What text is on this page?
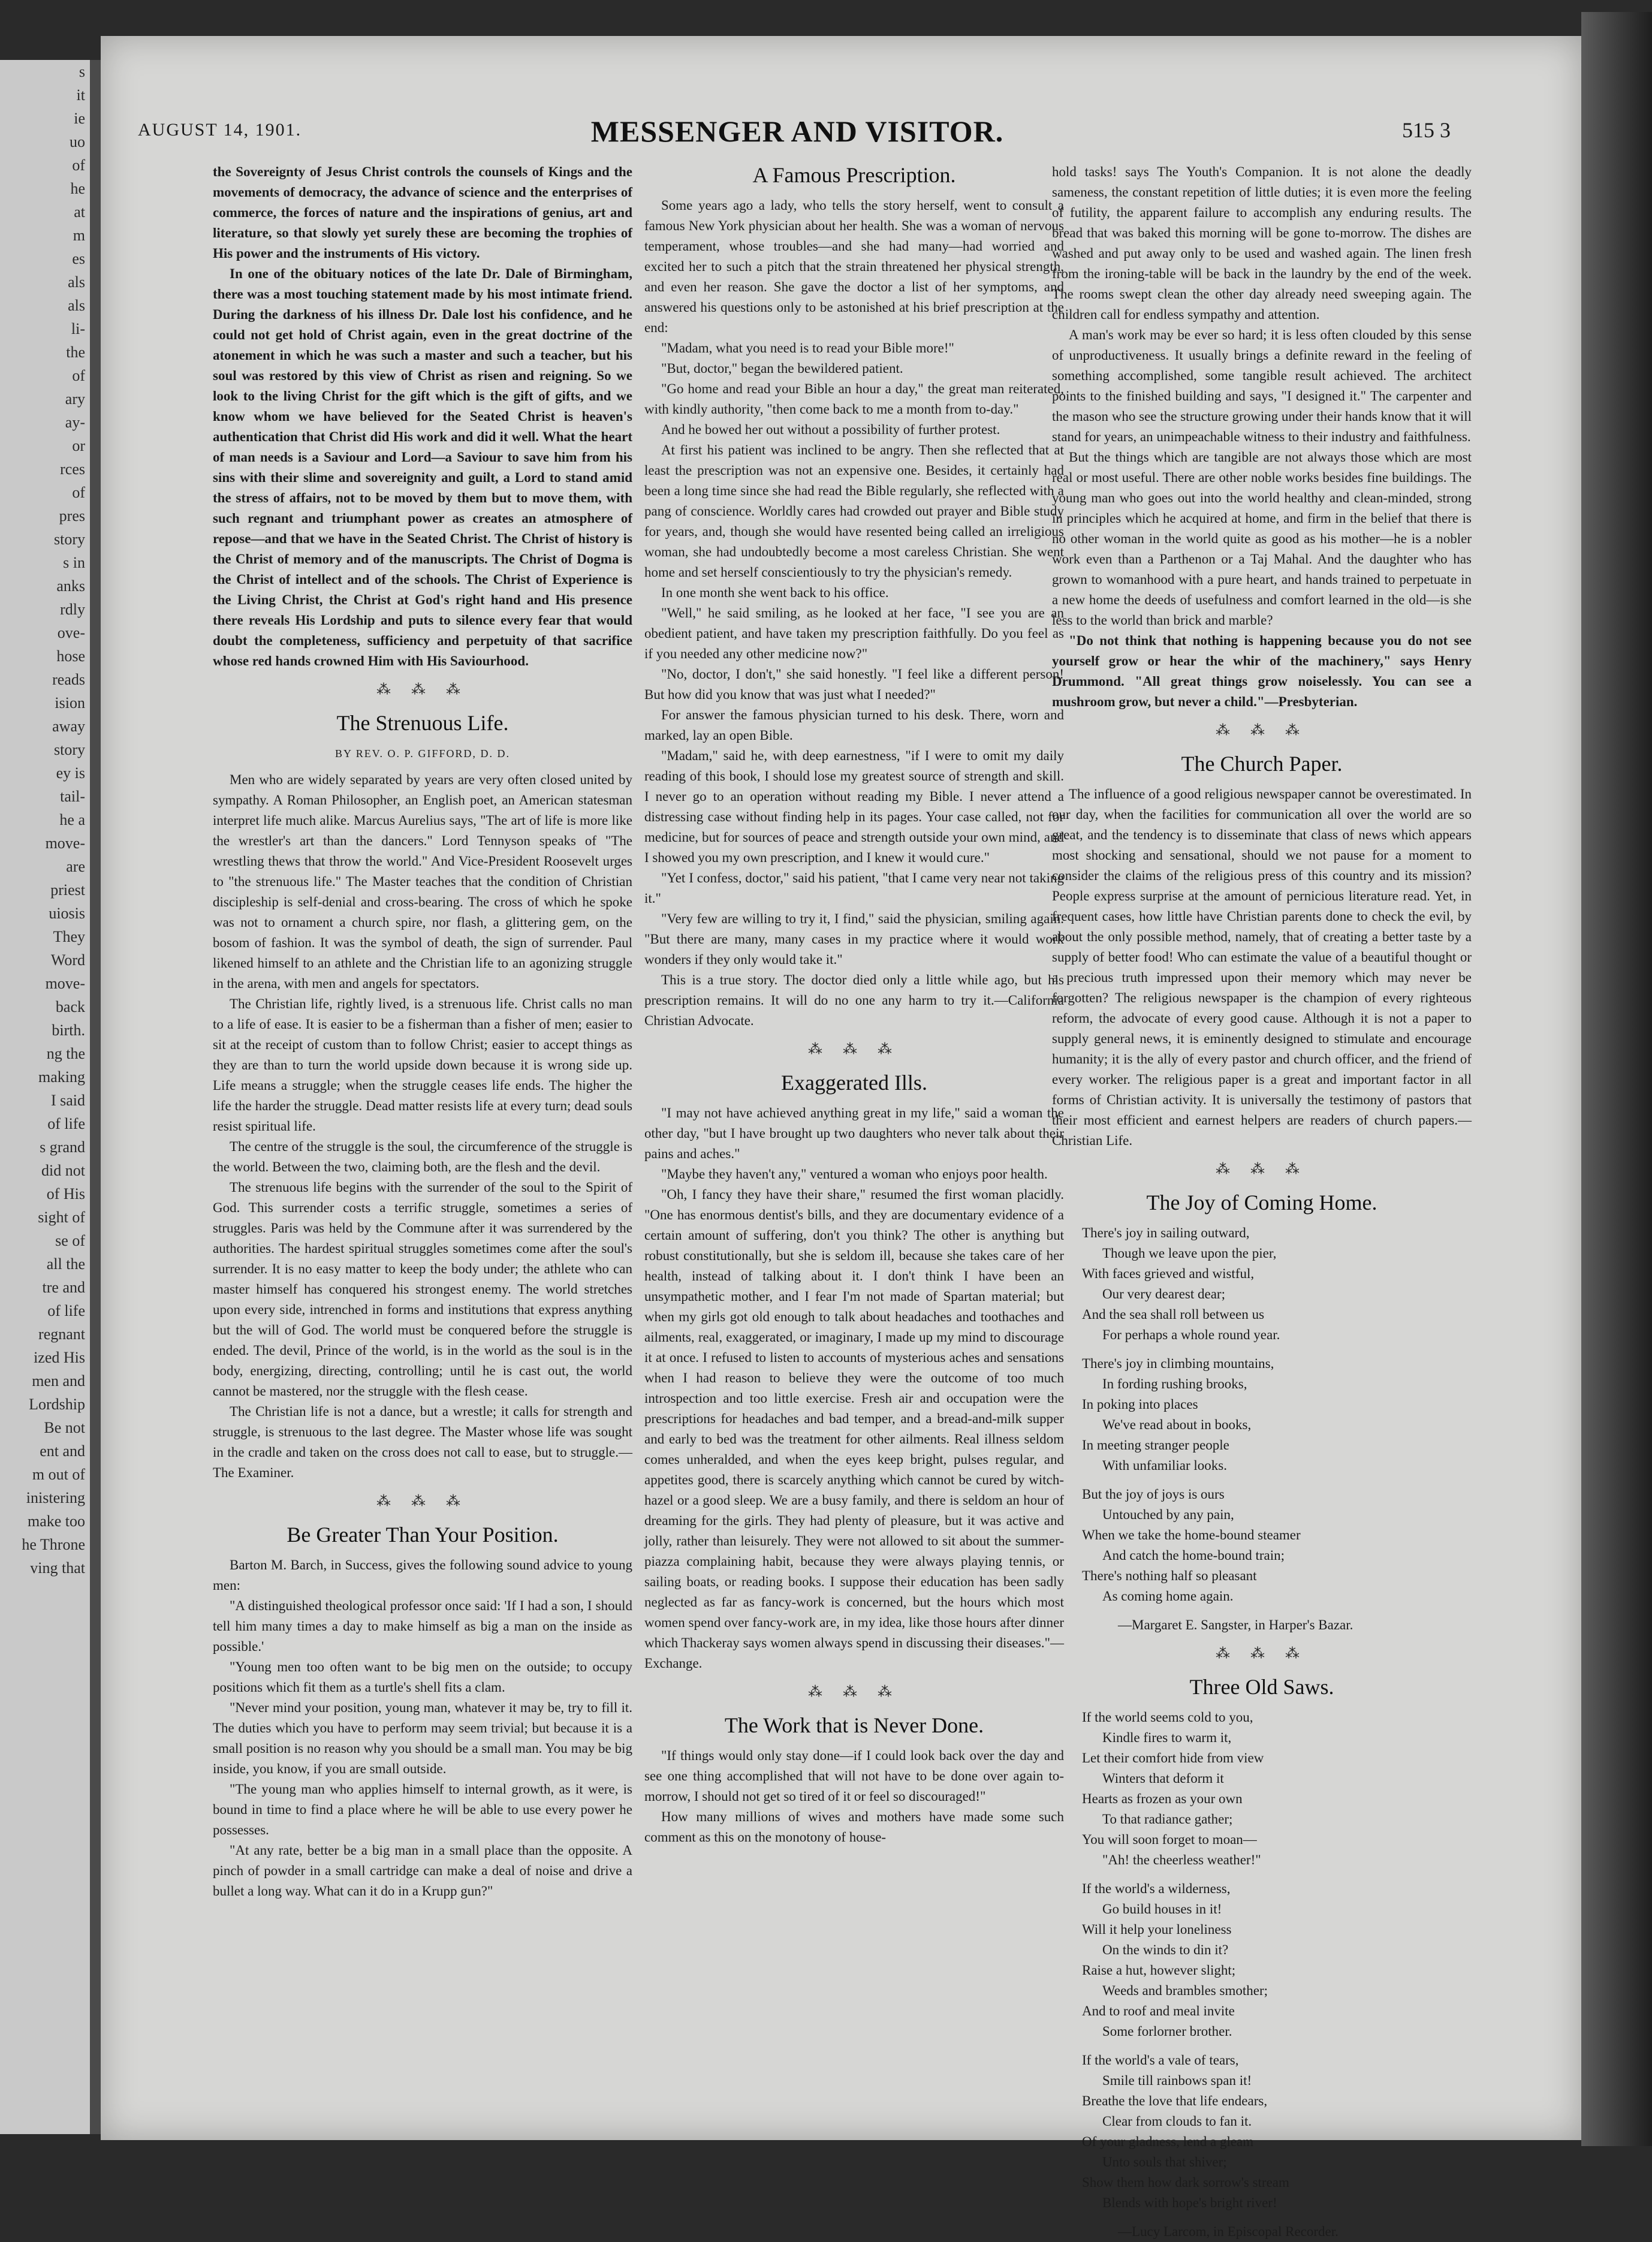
s
it
ie
uo
of
he
at
m
es
als
als
li-
the
of
ary
ay-
or
rces
of
pres
story
s in
anks
rdly
ove-
hose
reads
ision
away
story
ey is
tail-
he a
move-
are
priest
uiosis
They
Word
move-
back
birth.
ng the
making
I said
of life
s grand
did not
of His
sight of
se of
all the
tre and
of life
regnant
ized His
men and
Lordship
Be not
ent and
m out of
inistering
make too
he Throne
ving that
AUGUST 14, 1901.	MESSENGER AND VISITOR.	515 3

the Sovereignty of Jesus Christ controls the counsels of Kings and the movements of democracy, the advance of science and the enterprises of commerce, the forces of nature and the inspirations of genius, art and literature, so that slowly yet surely these are becoming the trophies of His power and the instruments of His victory.

In one of the obituary notices of the late Dr. Dale of Birmingham, there was a most touching statement made by his most intimate friend. During the darkness of his illness Dr. Dale lost his confidence, and he could not get hold of Christ again, even in the great doctrine of the atonement in which he was such a master and such a teacher, but his soul was restored by this view of Christ as risen and reigning. So we look to the living Christ for the gift which is the gift of gifts, and we know whom we have believed for the Seated Christ is heaven's authentication that Christ did His work and did it well. What the heart of man needs is a Saviour and Lord—a Saviour to save him from his sins with their slime and sovereignity and guilt, a Lord to stand amid the stress of affairs, not to be moved by them but to move them, with such regnant and triumphant power as creates an atmosphere of repose—and that we have in the Seated Christ. The Christ of history is the Christ of memory and of the manuscripts. The Christ of Dogma is the Christ of intellect and of the schools. The Christ of Experience is the Living Christ, the Christ at God's right hand and His presence there reveals His Lordship and puts to silence every fear that would doubt the completeness, sufficiency and perpetuity of that sacrifice whose red hands crowned Him with His Saviourhood.

⁂ ⁂ ⁂
The Strenuous Life.
BY REV. O. P. GIFFORD, D. D.

Men who are widely separated by years are very often closed united by sympathy. A Roman Philosopher, an English poet, an American statesman interpret life much alike. Marcus Aurelius says, "The art of life is more like the wrestler's art than the dancers." Lord Tennyson speaks of "The wrestling thews that throw the world." And Vice-President Roosevelt urges to "the strenuous life." The Master teaches that the condition of Christian discipleship is self-denial and cross-bearing. The cross of which he spoke was not to ornament a church spire, nor flash, a glittering gem, on the bosom of fashion. It was the symbol of death, the sign of surrender. Paul likened himself to an athlete and the Christian life to an agonizing struggle in the arena, with men and angels for spectators.

The Christian life, rightly lived, is a strenuous life. Christ calls no man to a life of ease. It is easier to be a fisherman than a fisher of men; easier to sit at the receipt of custom than to follow Christ; easier to accept things as they are than to turn the world upside down because it is wrong side up. Life means a struggle; when the struggle ceases life ends. The higher the life the harder the struggle. Dead matter resists life at every turn; dead souls resist spiritual life.

The centre of the struggle is the soul, the circumference of the struggle is the world. Between the two, claiming both, are the flesh and the devil.

The strenuous life begins with the surrender of the soul to the Spirit of God. This surrender costs a terrific struggle, sometimes a series of struggles. Paris was held by the Commune after it was surrendered by the authorities. The hardest spiritual struggles sometimes come after the soul's surrender. It is no easy matter to keep the body under; the athlete who can master himself has conquered his strongest enemy. The world stretches upon every side, intrenched in forms and institutions that express anything but the will of God. The world must be conquered before the struggle is ended. The devil, Prince of the world, is in the world as the soul is in the body, energizing, directing, controlling; until he is cast out, the world cannot be mastered, nor the struggle with the flesh cease.

The Christian life is not a dance, but a wrestle; it calls for strength and struggle, is strenuous to the last degree. The Master whose life was sought in the cradle and taken on the cross does not call to ease, but to struggle.—The Examiner.

⁂ ⁂ ⁂
Be Greater Than Your Position.

Barton M. Barch, in Success, gives the following sound advice to young men:

"A distinguished theological professor once said: 'If I had a son, I should tell him many times a day to make himself as big a man on the inside as possible.'

"Young men too often want to be big men on the outside; to occupy positions which fit them as a turtle's shell fits a clam.

"Never mind your position, young man, whatever it may be, try to fill it. The duties which you have to perform may seem trivial; but because it is a small position is no reason why you should be a small man. You may be big inside, you know, if you are small outside.

"The young man who applies himself to internal growth, as it were, is bound in time to find a place where he will be able to use every power he possesses.

"At any rate, better be a big man in a small place than the opposite. A pinch of powder in a small cartridge can make a deal of noise and drive a bullet a long way. What can it do in a Krupp gun?"

A Famous Prescription.

Some years ago a lady, who tells the story herself, went to consult a famous New York physician about her health. She was a woman of nervous temperament, whose troubles—and she had many—had worried and excited her to such a pitch that the strain threatened her physical strength, and even her reason. She gave the doctor a list of her symptoms, and answered his questions only to be astonished at his brief prescription at the end:

"Madam, what you need is to read your Bible more!"

"But, doctor," began the bewildered patient.

"Go home and read your Bible an hour a day," the great man reiterated, with kindly authority, "then come back to me a month from to-day."

And he bowed her out without a possibility of further protest.

At first his patient was inclined to be angry. Then she reflected that at least the prescription was not an expensive one. Besides, it certainly had been a long time since she had read the Bible regularly, she reflected with a pang of conscience. Worldly cares had crowded out prayer and Bible study for years, and, though she would have resented being called an irreligious woman, she had undoubtedly become a most careless Christian. She went home and set herself conscientiously to try the physician's remedy.

In one month she went back to his office.

"Well," he said smiling, as he looked at her face, "I see you are an obedient patient, and have taken my prescription faithfully. Do you feel as if you needed any other medicine now?"

"No, doctor, I don't," she said honestly. "I feel like a different person! But how did you know that was just what I needed?"

For answer the famous physician turned to his desk. There, worn and marked, lay an open Bible.

"Madam," said he, with deep earnestness, "if I were to omit my daily reading of this book, I should lose my greatest source of strength and skill. I never go to an operation without reading my Bible. I never attend a distressing case without finding help in its pages. Your case called, not for medicine, but for sources of peace and strength outside your own mind, and I showed you my own prescription, and I knew it would cure."

"Yet I confess, doctor," said his patient, "that I came very near not taking it."

"Very few are willing to try it, I find," said the physician, smiling again. "But there are many, many cases in my practice where it would work wonders if they only would take it."

This is a true story. The doctor died only a little while ago, but his prescription remains. It will do no one any harm to try it.—California Christian Advocate.

⁂ ⁂ ⁂
Exaggerated Ills.

"I may not have achieved anything great in my life," said a woman the other day, "but I have brought up two daughters who never talk about their pains and aches."

"Maybe they haven't any," ventured a woman who enjoys poor health.

"Oh, I fancy they have their share," resumed the first woman placidly. "One has enormous dentist's bills, and they are documentary evidence of a certain amount of suffering, don't you think? The other is anything but robust constitutionally, but she is seldom ill, because she takes care of her health, instead of talking about it. I don't think I have been an unsympathetic mother, and I fear I'm not made of Spartan material; but when my girls got old enough to talk about headaches and toothaches and ailments, real, exaggerated, or imaginary, I made up my mind to discourage it at once. I refused to listen to accounts of mysterious aches and sensations when I had reason to believe they were the outcome of too much introspection and too little exercise. Fresh air and occupation were the prescriptions for headaches and bad temper, and a bread-and-milk supper and early to bed was the treatment for other ailments. Real illness seldom comes unheralded, and when the eyes keep bright, pulses regular, and appetites good, there is scarcely anything which cannot be cured by witch-hazel or a good sleep. We are a busy family, and there is seldom an hour of dreaming for the girls. They had plenty of pleasure, but it was active and jolly, rather than leisurely. They were not allowed to sit about the summer-piazza complaining habit, because they were always playing tennis, or sailing boats, or reading books. I suppose their education has been sadly neglected as far as fancy-work is concerned, but the hours which most women spend over fancy-work are, in my idea, like those hours after dinner which Thackeray says women always spend in discussing their diseases."—Exchange.

⁂ ⁂ ⁂
The Work that is Never Done.

"If things would only stay done—if I could look back over the day and see one thing accomplished that will not have to be done over again to-morrow, I should not get so tired of it or feel so discouraged!"

How many millions of wives and mothers have made some such comment as this on the monotony of house-

hold tasks! says The Youth's Companion. It is not alone the deadly sameness, the constant repetition of little duties; it is even more the feeling of futility, the apparent failure to accomplish any enduring results. The bread that was baked this morning will be gone to-morrow. The dishes are washed and put away only to be used and washed again. The linen fresh from the ironing-table will be back in the laundry by the end of the week. The rooms swept clean the other day already need sweeping again. The children call for endless sympathy and attention.

A man's work may be ever so hard; it is less often clouded by this sense of unproductiveness. It usually brings a definite reward in the feeling of something accomplished, some tangible result achieved. The architect points to the finished building and says, "I designed it." The carpenter and the mason who see the structure growing under their hands know that it will stand for years, an unimpeachable witness to their industry and faithfulness.

But the things which are tangible are not always those which are most real or most useful. There are other noble works besides fine buildings. The young man who goes out into the world healthy and clean-minded, strong in principles which he acquired at home, and firm in the belief that there is no other woman in the world quite as good as his mother—he is a nobler work even than a Parthenon or a Taj Mahal. And the daughter who has grown to womanhood with a pure heart, and hands trained to perpetuate in a new home the deeds of usefulness and comfort learned in the old—is she less to the world than brick and marble?

"Do not think that nothing is happening because you do not see yourself grow or hear the whir of the machinery," says Henry Drummond. "All great things grow noiselessly. You can see a mushroom grow, but never a child."—Presbyterian.

⁂ ⁂ ⁂
The Church Paper.

The influence of a good religious newspaper cannot be overestimated. In our day, when the facilities for communication all over the world are so great, and the tendency is to disseminate that class of news which appears most shocking and sensational, should we not pause for a moment to consider the claims of the religious press of this country and its mission? People express surprise at the amount of pernicious literature read. Yet, in frequent cases, how little have Christian parents done to check the evil, by about the only possible method, namely, that of creating a better taste by a supply of better food! Who can estimate the value of a beautiful thought or a precious truth impressed upon their memory which may never be forgotten? The religious newspaper is the champion of every righteous reform, the advocate of every good cause. Although it is not a paper to supply general news, it is eminently designed to stimulate and encourage humanity; it is the ally of every pastor and church officer, and the friend of every worker. The religious paper is a great and important factor in all forms of Christian activity. It is universally the testimony of pastors that their most efficient and earnest helpers are readers of church papers.—Christian Life.

⁂ ⁂ ⁂
The Joy of Coming Home.
There's joy in sailing outward,
Though we leave upon the pier,
With faces grieved and wistful,
Our very dearest dear;
And the sea shall roll between us
For perhaps a whole round year.
There's joy in climbing mountains,
In fording rushing brooks,
In poking into places
We've read about in books,
In meeting stranger people
With unfamiliar looks.
But the joy of joys is ours
Untouched by any pain,
When we take the home-bound steamer
And catch the home-bound train;
There's nothing half so pleasant
As coming home again.
—Margaret E. Sangster, in Harper's Bazar.
⁂ ⁂ ⁂
Three Old Saws.
If the world seems cold to you,
Kindle fires to warm it,
Let their comfort hide from view
Winters that deform it
Hearts as frozen as your own
To that radiance gather;
You will soon forget to moan—
"Ah! the cheerless weather!"
If the world's a wilderness,
Go build houses in it!
Will it help your loneliness
On the winds to din it?
Raise a hut, however slight;
Weeds and brambles smother;
And to roof and meal invite
Some forlorner brother.
If the world's a vale of tears,
Smile till rainbows span it!
Breathe the love that life endears,
Clear from clouds to fan it.
Of your gladness, lend a gleam
Unto souls that shiver;
Show them how dark sorrow's stream
Blends with hope's bright river!
—Lucy Larcom, in Episcopal Recorder.
